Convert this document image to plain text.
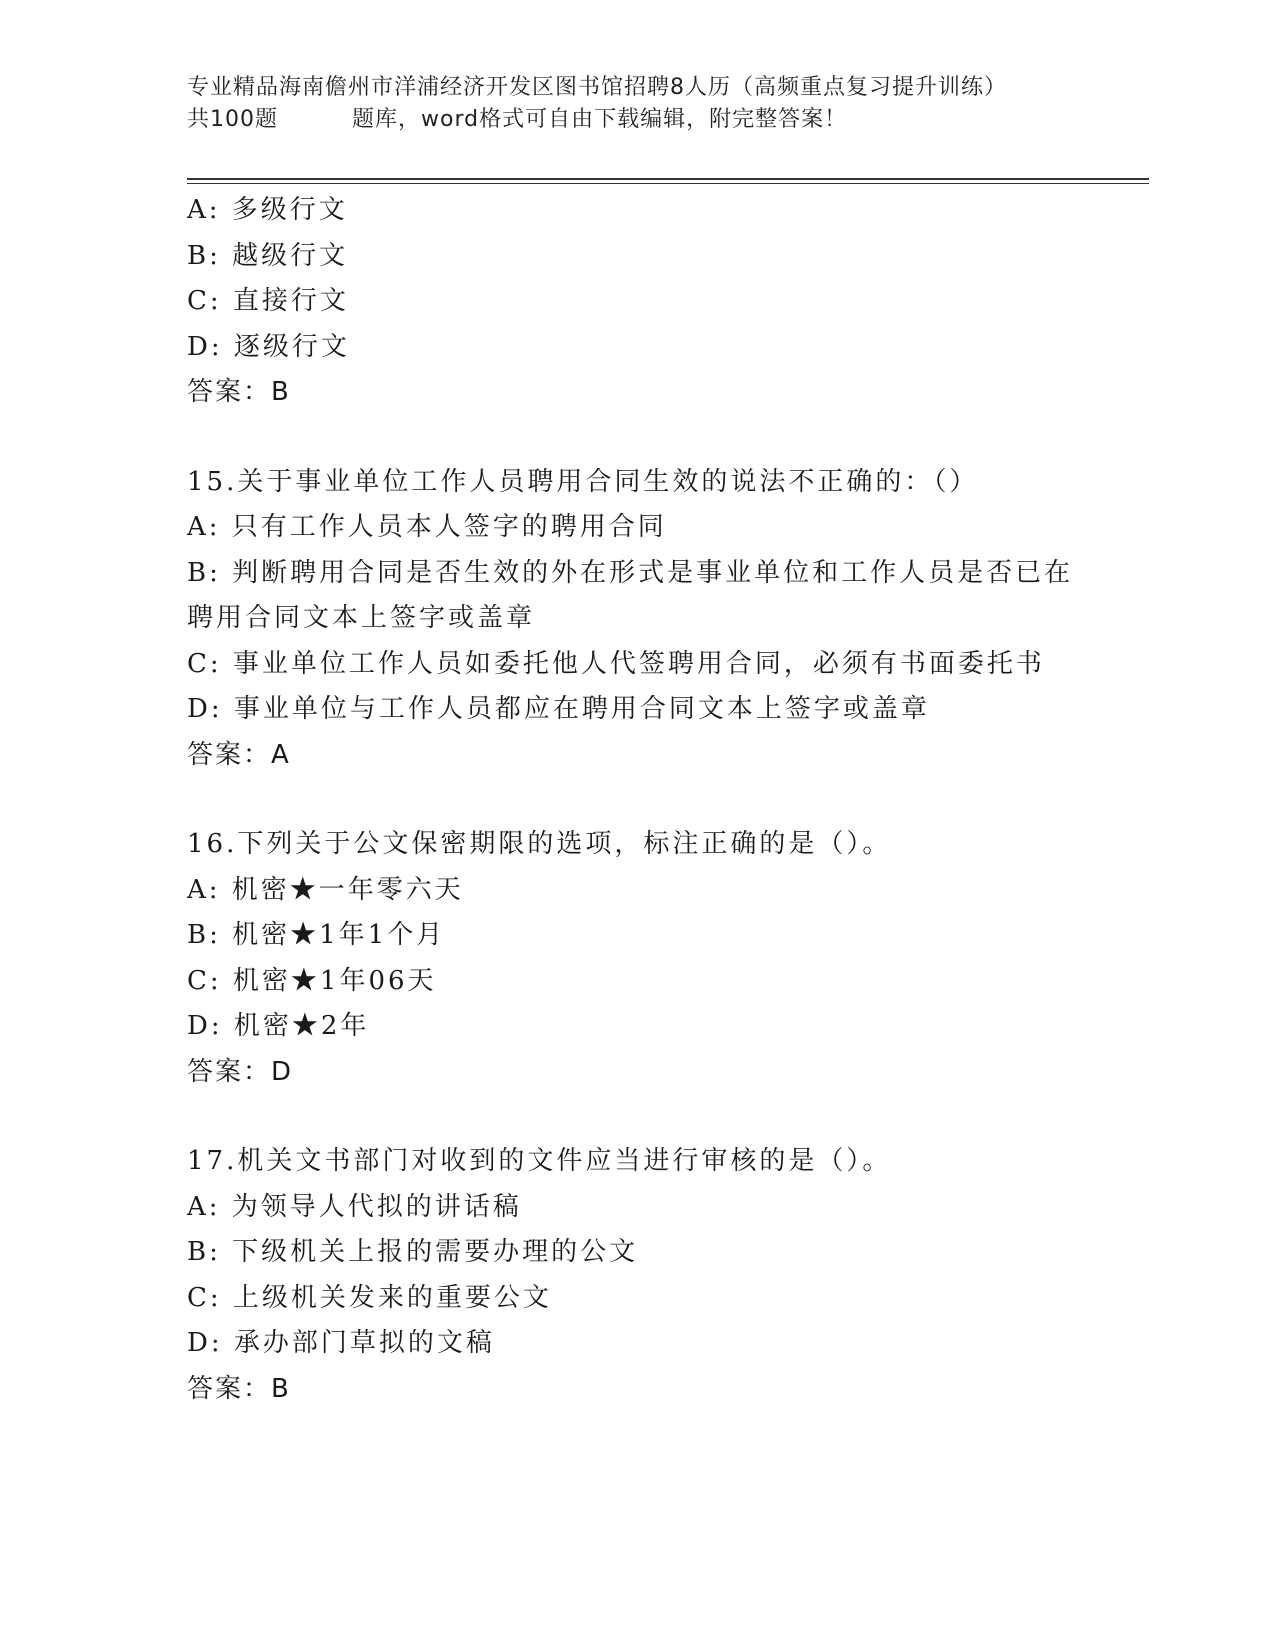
专业精品海南儋州市洋浦经济开发区图书馆招聘8人历（高频重点复习提升训练）
共100题	题库，word格式可自由下载编辑，附完整答案！
A: 多级行文
B: 越级行文
C: 直接行文
D: 逐级行文
答案：B
15.关于事业单位工作人员聘用合同生效的说法不正确的：（）
A: 只有工作人员本人签字的聘用合同
B: 判断聘用合同是否生效的外在形式是事业单位和工作人员是否已在
聘用合同文本上签字或盖章
C: 事业单位工作人员如委托他人代签聘用合同，必须有书面委托书
D: 事业单位与工作人员都应在聘用合同文本上签字或盖章
答案：A
16.下列关于公文保密期限的选项，标注正确的是（）。
A: 机密★一年零六天
B: 机密★1年1个月
C: 机密★1年06天
D: 机密★2年
答案：D
17.机关文书部门对收到的文件应当进行审核的是（）。
A: 为领导人代拟的讲话稿
B: 下级机关上报的需要办理的公文
C: 上级机关发来的重要公文
D: 承办部门草拟的文稿
答案：B
